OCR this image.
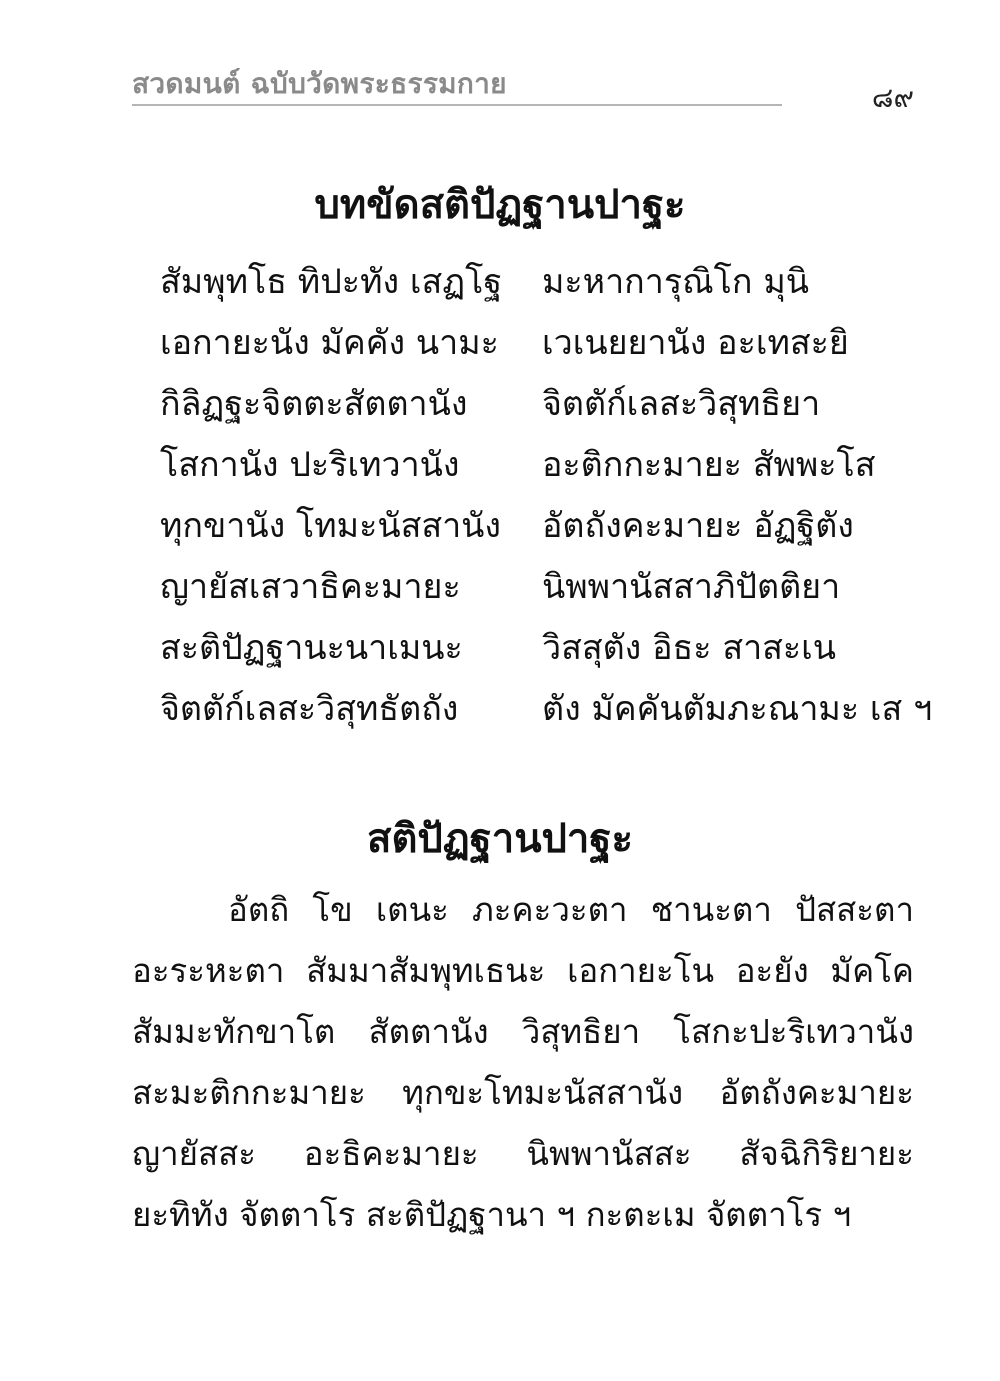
สวดมนต์ ฉบับวัดพระธรรมกาย	๘๙
บทขัดสติปัฏฐานปาฐะ
สัมพุทโธ ทิปะทัง เสฏโฐ มะหาการุณิโก มุนิ
เอกายะนัง มัคคัง นามะ เวเนยยานัง อะเทสะยิ
กิลิฏฐะจิตตะสัตตานัง จิตตัก์เลสะวิสุทธิยา
โสกานัง ปะริเทวานัง อะติกกะมายะ สัพพะโส
ทุกขานัง โทมะนัสสานัง อัตถังคะมายะ อัฏฐิตัง
ญายัสเสวาธิคะมายะ นิพพานัสสาภิปัตติยา
สะติปัฏฐานะนาเมนะ วิสสุตัง อิธะ สาสะเน
จิตตัก์เลสะวิสุทธัตถัง ตัง มัคคันตัมภะณามะ เส ฯ
สติปัฏฐานปาฐะ
อัตถิ โข เตนะ ภะคะวะตา ชานะตา ปัสสะตา
อะระหะตา สัมมาสัมพุทเธนะ เอกายะโน อะยัง มัคโค
สัมมะทักขาโต สัตตานัง วิสุทธิยา โสกะปะริเทวานัง
สะมะติกกะมายะ ทุกขะโทมะนัสสานัง อัตถังคะมายะ
ญายัสสะ อะธิคะมายะ นิพพานัสสะ สัจฉิกิริยายะ
ยะทิทัง จัตตาโร สะติปัฏฐานา ฯ กะตะเม จัตตาโร ฯ
